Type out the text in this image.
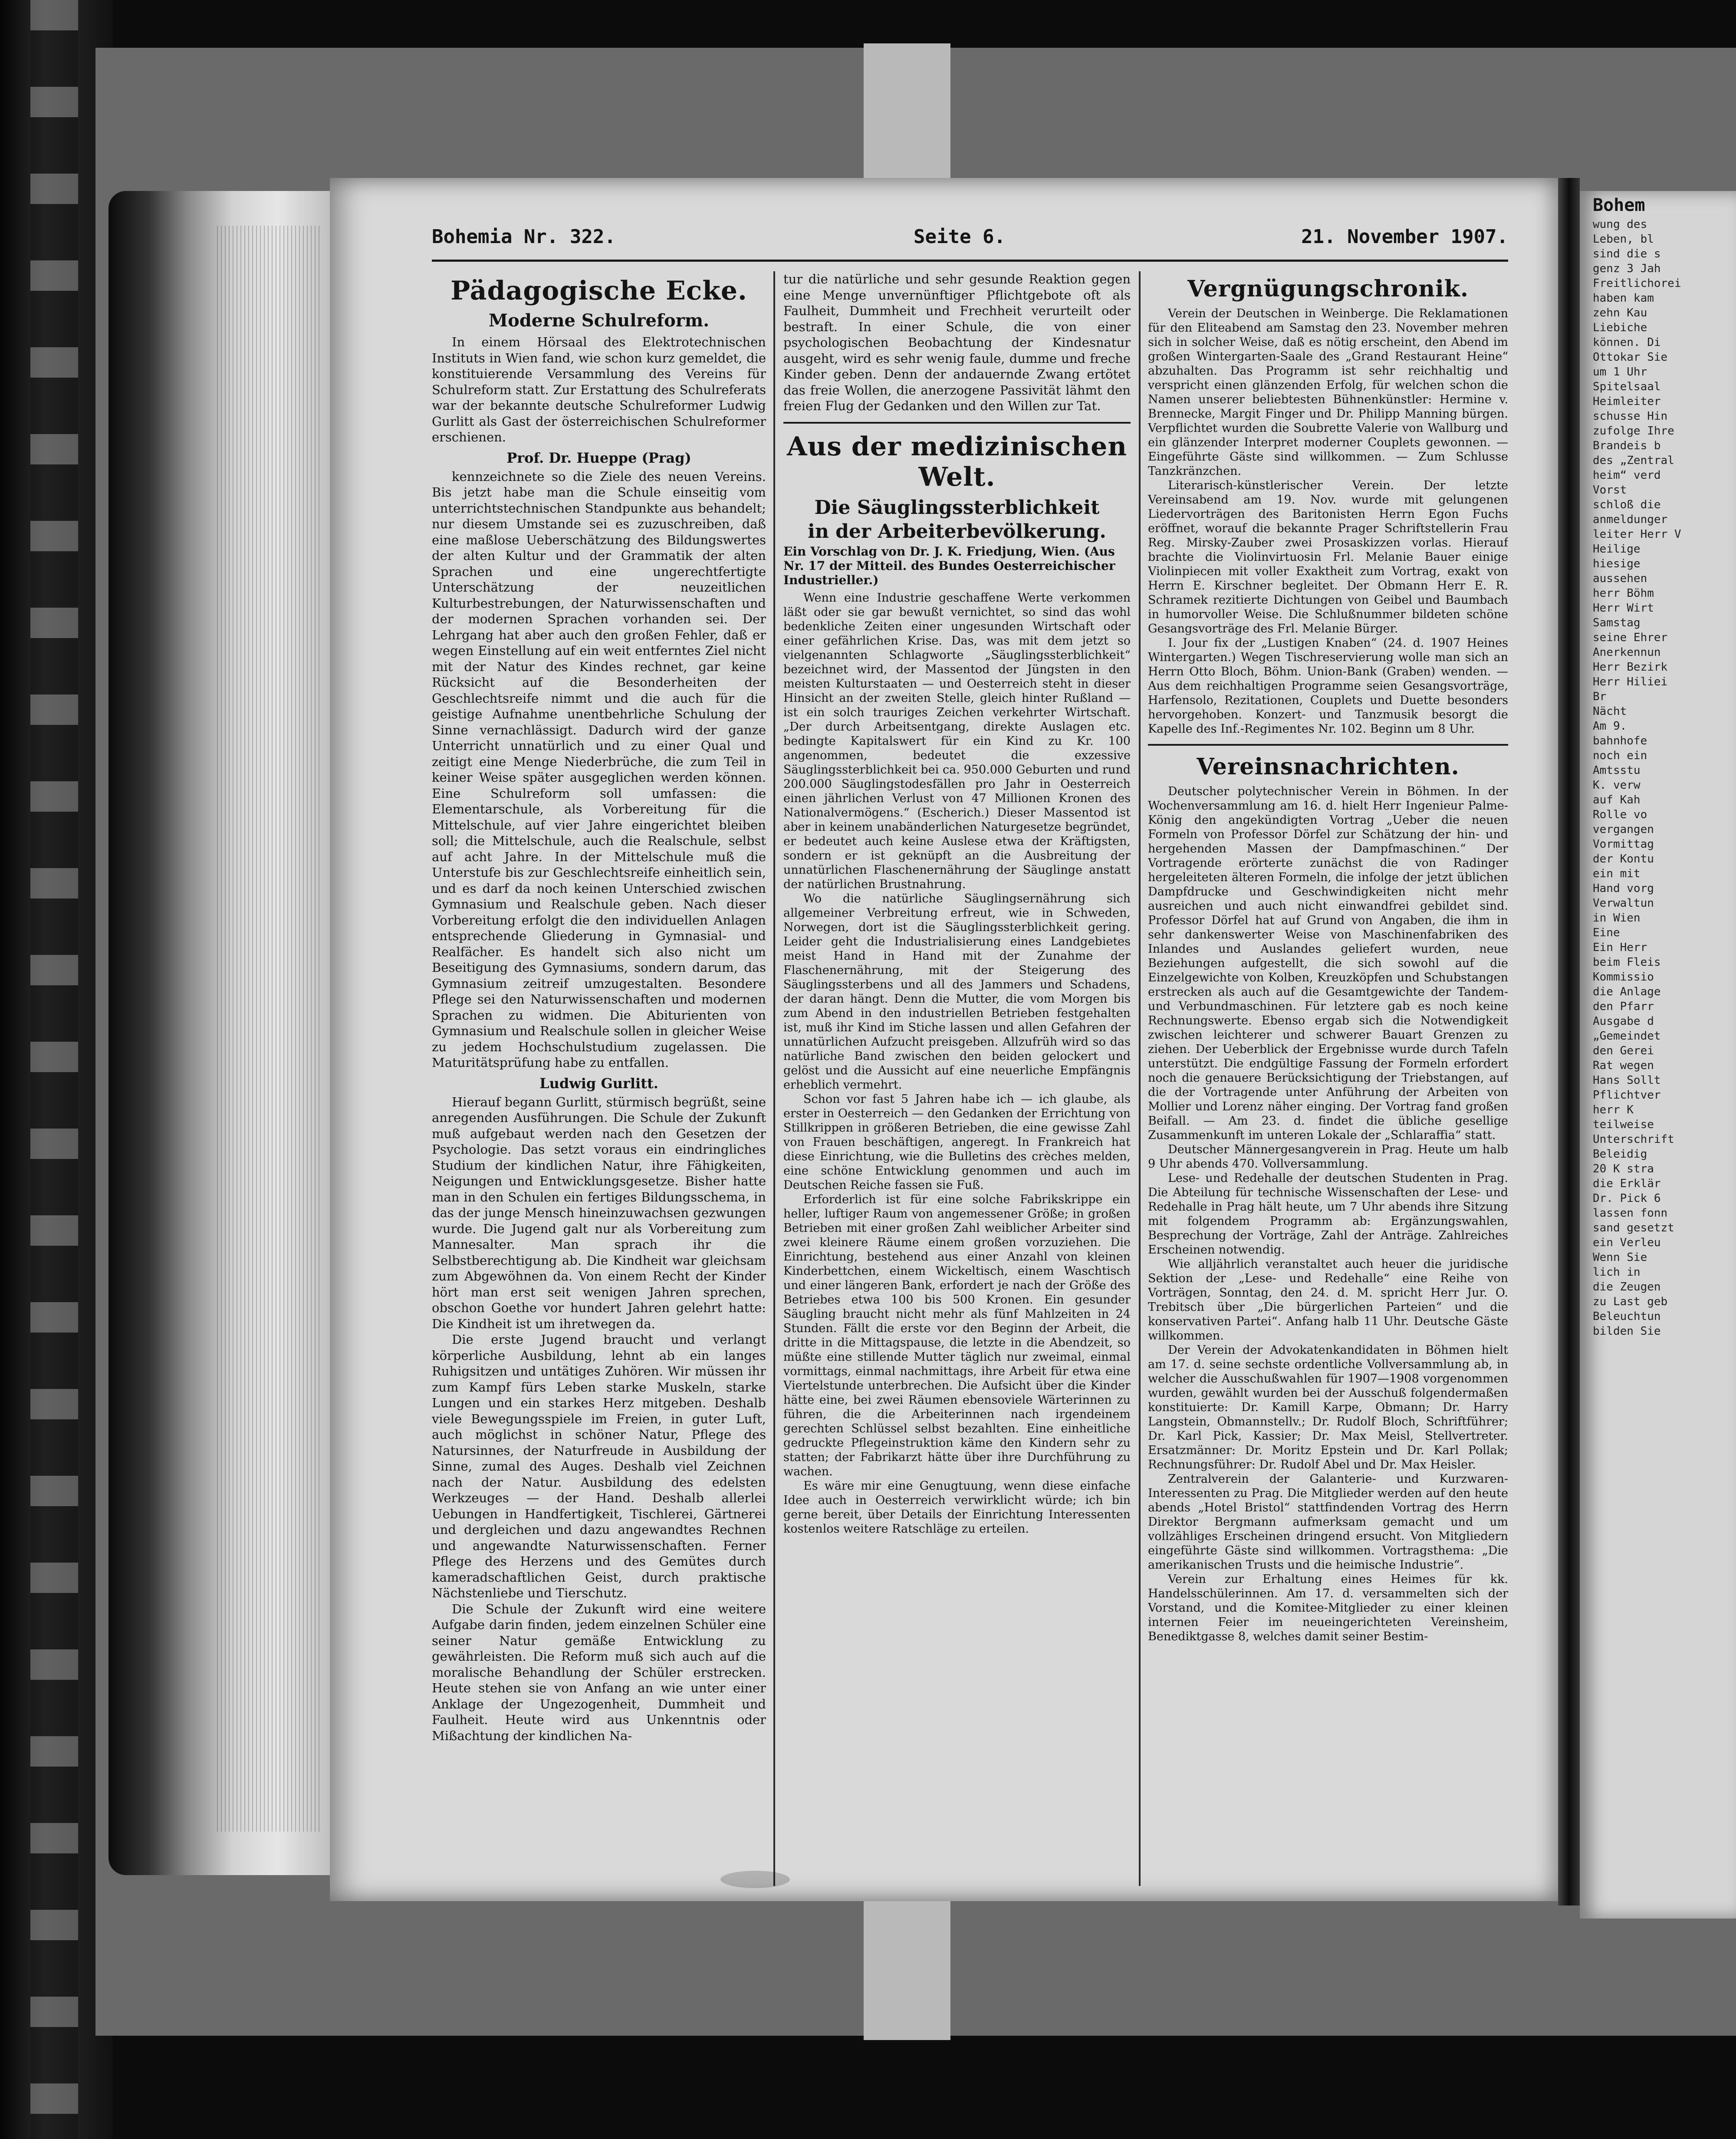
Bohemia Nr. 322.	Seite 6.	21. November 1907.
Pädagogische Ecke.
Moderne Schulreform.

In einem Hörsaal des Elektrotechnischen Instituts in Wien fand, wie schon kurz gemeldet, die konstituierende Versammlung des Vereins für Schulreform statt. Zur Erstattung des Schulreferats war der bekannte deutsche Schulreformer Ludwig Gurlitt als Gast der österreichischen Schulreformer erschienen.

Prof. Dr. Hueppe (Prag)

kennzeichnete so die Ziele des neuen Vereins. Bis jetzt habe man die Schule einseitig vom unterrichtstechnischen Standpunkte aus behandelt; nur diesem Umstande sei es zuzuschreiben, daß eine maßlose Ueberschätzung des Bildungswertes der alten Kultur und der Grammatik der alten Sprachen und eine ungerechtfertigte Unterschätzung der neuzeitlichen Kulturbestrebungen, der Naturwissenschaften und der modernen Sprachen vorhanden sei. Der Lehrgang hat aber auch den großen Fehler, daß er wegen Einstellung auf ein weit entferntes Ziel nicht mit der Natur des Kindes rechnet, gar keine Rücksicht auf die Besonderheiten der Geschlechtsreife nimmt und die auch für die geistige Aufnahme unentbehrliche Schulung der Sinne vernachlässigt. Dadurch wird der ganze Unterricht unnatürlich und zu einer Qual und zeitigt eine Menge Niederbrüche, die zum Teil in keiner Weise später ausgeglichen werden können. Eine Schulreform soll umfassen: die Elementarschule, als Vorbereitung für die Mittelschule, auf vier Jahre eingerichtet bleiben soll; die Mittelschule, auch die Realschule, selbst auf acht Jahre. In der Mittelschule muß die Unterstufe bis zur Geschlechtsreife einheitlich sein, und es darf da noch keinen Unterschied zwischen Gymnasium und Realschule geben. Nach dieser Vorbereitung erfolgt die den individuellen Anlagen entsprechende Gliederung in Gymnasial- und Realfächer. Es handelt sich also nicht um Beseitigung des Gymnasiums, sondern darum, das Gymnasium zeitreif umzugestalten. Besondere Pflege sei den Naturwissenschaften und modernen Sprachen zu widmen. Die Abiturienten von Gymnasium und Realschule sollen in gleicher Weise zu jedem Hochschulstudium zugelassen. Die Maturitätsprüfung habe zu entfallen.

Ludwig Gurlitt.

Hierauf begann Gurlitt, stürmisch begrüßt, seine anregenden Ausführungen. Die Schule der Zukunft muß aufgebaut werden nach den Gesetzen der Psychologie. Das setzt voraus ein eindringliches Studium der kindlichen Natur, ihre Fähigkeiten, Neigungen und Entwicklungsgesetze. Bisher hatte man in den Schulen ein fertiges Bildungsschema, in das der junge Mensch hineinzuwachsen gezwungen wurde. Die Jugend galt nur als Vorbereitung zum Mannesalter. Man sprach ihr die Selbstberechtigung ab. Die Kindheit war gleichsam zum Abgewöhnen da. Von einem Recht der Kinder hört man erst seit wenigen Jahren sprechen, obschon Goethe vor hundert Jahren gelehrt hatte: Die Kindheit ist um ihretwegen da.

Die erste Jugend braucht und verlangt körperliche Ausbildung, lehnt ab ein langes Ruhigsitzen und untätiges Zuhören. Wir müssen ihr zum Kampf fürs Leben starke Muskeln, starke Lungen und ein starkes Herz mitgeben. Deshalb viele Bewegungsspiele im Freien, in guter Luft, auch möglichst in schöner Natur, Pflege des Natursinnes, der Naturfreude in Ausbildung der Sinne, zumal des Auges. Deshalb viel Zeichnen nach der Natur. Ausbildung des edelsten Werkzeuges — der Hand. Deshalb allerlei Uebungen in Handfertigkeit, Tischlerei, Gärtnerei und dergleichen und dazu angewandtes Rechnen und angewandte Naturwissenschaften. Ferner Pflege des Herzens und des Gemütes durch kameradschaftlichen Geist, durch praktische Nächstenliebe und Tierschutz.

Die Schule der Zukunft wird eine weitere Aufgabe darin finden, jedem einzelnen Schüler eine seiner Natur gemäße Entwicklung zu gewährleisten. Die Reform muß sich auch auf die moralische Behandlung der Schüler erstrecken. Heute stehen sie von Anfang an wie unter einer Anklage der Ungezogenheit, Dummheit und Faulheit. Heute wird aus Unkenntnis oder Mißachtung der kindlichen Na-

tur die natürliche und sehr gesunde Reaktion gegen eine Menge unvernünftiger Pflichtgebote oft als Faulheit, Dummheit und Frechheit verurteilt oder bestraft. In einer Schule, die von einer psychologischen Beobachtung der Kindesnatur ausgeht, wird es sehr wenig faule, dumme und freche Kinder geben. Denn der andauernde Zwang ertötet das freie Wollen, die anerzogene Passivität lähmt den freien Flug der Gedanken und den Willen zur Tat.

Aus der medizinischen Welt.
Die Säuglingssterblichkeit
in der Arbeiterbevölkerung.
Ein Vorschlag von Dr. J. K. Friedjung, Wien. (Aus Nr. 17 der Mitteil. des Bundes Oesterreichischer Industrieller.)

Wenn eine Industrie geschaffene Werte verkommen läßt oder sie gar bewußt vernichtet, so sind das wohl bedenkliche Zeiten einer ungesunden Wirtschaft oder einer gefährlichen Krise. Das, was mit dem jetzt so vielgenannten Schlagworte „Säuglingssterblichkeit“ bezeichnet wird, der Massentod der Jüngsten in den meisten Kulturstaaten — und Oesterreich steht in dieser Hinsicht an der zweiten Stelle, gleich hinter Rußland — ist ein solch trauriges Zeichen verkehrter Wirtschaft. „Der durch Arbeitsentgang, direkte Auslagen etc. bedingte Kapitalswert für ein Kind zu Kr. 100 angenommen, bedeutet die exzessive Säuglingssterblichkeit bei ca. 950.000 Geburten und rund 200.000 Säuglingstodesfällen pro Jahr in Oesterreich einen jährlichen Verlust von 47 Millionen Kronen des Nationalvermögens.“ (Escherich.) Dieser Massentod ist aber in keinem unabänderlichen Naturgesetze begründet, er bedeutet auch keine Auslese etwa der Kräftigsten, sondern er ist geknüpft an die Ausbreitung der unnatürlichen Flaschenernährung der Säuglinge anstatt der natürlichen Brustnahrung.

Wo die natürliche Säuglingsernährung sich allgemeiner Verbreitung erfreut, wie in Schweden, Norwegen, dort ist die Säuglingssterblichkeit gering. Leider geht die Industrialisierung eines Landgebietes meist Hand in Hand mit der Zunahme der Flaschenernährung, mit der Steigerung des Säuglingssterbens und all des Jammers und Schadens, der daran hängt. Denn die Mutter, die vom Morgen bis zum Abend in den industriellen Betrieben festgehalten ist, muß ihr Kind im Stiche lassen und allen Gefahren der unnatürlichen Aufzucht preisgeben. Allzufrüh wird so das natürliche Band zwischen den beiden gelockert und gelöst und die Aussicht auf eine neuerliche Empfängnis erheblich vermehrt.

Schon vor fast 5 Jahren habe ich — ich glaube, als erster in Oesterreich — den Gedanken der Errichtung von Stillkrippen in größeren Betrieben, die eine gewisse Zahl von Frauen beschäftigen, angeregt. In Frankreich hat diese Einrichtung, wie die Bulletins des crèches melden, eine schöne Entwicklung genommen und auch im Deutschen Reiche fassen sie Fuß.

Erforderlich ist für eine solche Fabrikskrippe ein heller, luftiger Raum von angemessener Größe; in großen Betrieben mit einer großen Zahl weiblicher Arbeiter sind zwei kleinere Räume einem großen vorzuziehen. Die Einrichtung, bestehend aus einer Anzahl von kleinen Kinderbettchen, einem Wickeltisch, einem Waschtisch und einer längeren Bank, erfordert je nach der Größe des Betriebes etwa 100 bis 500 Kronen. Ein gesunder Säugling braucht nicht mehr als fünf Mahlzeiten in 24 Stunden. Fällt die erste vor den Beginn der Arbeit, die dritte in die Mittagspause, die letzte in die Abendzeit, so müßte eine stillende Mutter täglich nur zweimal, einmal vormittags, einmal nachmittags, ihre Arbeit für etwa eine Viertelstunde unterbrechen. Die Aufsicht über die Kinder hätte eine, bei zwei Räumen ebensoviele Wärterinnen zu führen, die die Arbeiterinnen nach irgendeinem gerechten Schlüssel selbst bezahlten. Eine einheitliche gedruckte Pflegeinstruktion käme den Kindern sehr zu statten; der Fabrikarzt hätte über ihre Durchführung zu wachen.

Es wäre mir eine Genugtuung, wenn diese einfache Idee auch in Oesterreich verwirklicht würde; ich bin gerne bereit, über Details der Einrichtung Interessenten kostenlos weitere Ratschläge zu erteilen.

Vergnügungschronik.

Verein der Deutschen in Weinberge. Die Reklamationen für den Eliteabend am Samstag den 23. November mehren sich in solcher Weise, daß es nötig erscheint, den Abend im großen Wintergarten-Saale des „Grand Restaurant Heine“ abzuhalten. Das Programm ist sehr reichhaltig und verspricht einen glänzenden Erfolg, für welchen schon die Namen unserer beliebtesten Bühnenkünstler: Hermine v. Brennecke, Margit Finger und Dr. Philipp Manning bürgen. Verpflichtet wurden die Soubrette Valerie von Wallburg und ein glänzender Interpret moderner Couplets gewonnen. — Eingeführte Gäste sind willkommen. — Zum Schlusse Tanzkränzchen.

Literarisch-künstlerischer Verein. Der letzte Vereinsabend am 19. Nov. wurde mit gelungenen Liedervorträgen des Baritonisten Herrn Egon Fuchs eröffnet, worauf die bekannte Prager Schriftstellerin Frau Reg. Mirsky-Zauber zwei Prosaskizzen vorlas. Hierauf brachte die Violinvirtuosin Frl. Melanie Bauer einige Violinpiecen mit voller Exaktheit zum Vortrag, exakt von Herrn E. Kirschner begleitet. Der Obmann Herr E. R. Schramek rezitierte Dichtungen von Geibel und Baumbach in humorvoller Weise. Die Schlußnummer bildeten schöne Gesangsvorträge des Frl. Melanie Bürger.

I. Jour fix der „Lustigen Knaben“ (24. d. 1907 Heines Wintergarten.) Wegen Tischreservierung wolle man sich an Herrn Otto Bloch, Böhm. Union-Bank (Graben) wenden. — Aus dem reichhaltigen Programme seien Gesangsvorträge, Harfensolo, Rezitationen, Couplets und Duette besonders hervorgehoben. Konzert- und Tanzmusik besorgt die Kapelle des Inf.-Regimentes Nr. 102. Beginn um 8 Uhr.

Vereinsnachrichten.

Deutscher polytechnischer Verein in Böhmen. In der Wochenversammlung am 16. d. hielt Herr Ingenieur Palme-König den angekündigten Vortrag „Ueber die neuen Formeln von Professor Dörfel zur Schätzung der hin- und hergehenden Massen der Dampfmaschinen.“ Der Vortragende erörterte zunächst die von Radinger hergeleiteten älteren Formeln, die infolge der jetzt üblichen Dampfdrucke und Geschwindigkeiten nicht mehr ausreichen und auch nicht einwandfrei gebildet sind. Professor Dörfel hat auf Grund von Angaben, die ihm in sehr dankenswerter Weise von Maschinenfabriken des Inlandes und Auslandes geliefert wurden, neue Beziehungen aufgestellt, die sich sowohl auf die Einzelgewichte von Kolben, Kreuzköpfen und Schubstangen erstrecken als auch auf die Gesamtgewichte der Tandem- und Verbundmaschinen. Für letztere gab es noch keine Rechnungswerte. Ebenso ergab sich die Notwendigkeit zwischen leichterer und schwerer Bauart Grenzen zu ziehen. Der Ueberblick der Ergebnisse wurde durch Tafeln unterstützt. Die endgültige Fassung der Formeln erfordert noch die genauere Berücksichtigung der Triebstangen, auf die der Vortragende unter Anführung der Arbeiten von Mollier und Lorenz näher einging. Der Vortrag fand großen Beifall. — Am 23. d. findet die übliche gesellige Zusammenkunft im unteren Lokale der „Schlaraffia“ statt.

Deutscher Männergesangverein in Prag. Heute um halb 9 Uhr abends 470. Vollversammlung.

Lese- und Redehalle der deutschen Studenten in Prag. Die Abteilung für technische Wissenschaften der Lese- und Redehalle in Prag hält heute, um 7 Uhr abends ihre Sitzung mit folgendem Programm ab: Ergänzungswahlen, Besprechung der Vorträge, Zahl der Anträge. Zahlreiches Erscheinen notwendig.

Wie alljährlich veranstaltet auch heuer die juridische Sektion der „Lese- und Redehalle“ eine Reihe von Vorträgen, Sonntag, den 24. d. M. spricht Herr Jur. O. Trebitsch über „Die bürgerlichen Parteien“ und die konservativen Partei“. Anfang halb 11 Uhr. Deutsche Gäste willkommen.

Der Verein der Advokatenkandidaten in Böhmen hielt am 17. d. seine sechste ordentliche Vollversammlung ab, in welcher die Ausschußwahlen für 1907—1908 vorgenommen wurden, gewählt wurden bei der Ausschuß folgendermaßen konstituierte: Dr. Kamill Karpe, Obmann; Dr. Harry Langstein, Obmannstellv.; Dr. Rudolf Bloch, Schriftführer; Dr. Karl Pick, Kassier; Dr. Max Meisl, Stellvertreter. Ersatzmänner: Dr. Moritz Epstein und Dr. Karl Pollak; Rechnungsführer: Dr. Rudolf Abel und Dr. Max Heisler.

Zentralverein der Galanterie- und Kurzwaren-Interessenten zu Prag. Die Mitglieder werden auf den heute abends „Hotel Bristol“ stattfindenden Vortrag des Herrn Direktor Bergmann aufmerksam gemacht und um vollzähliges Erscheinen dringend ersucht. Von Mitgliedern eingeführte Gäste sind willkommen. Vortragsthema: „Die amerikanischen Trusts und die heimische Industrie“.

Verein zur Erhaltung eines Heimes für kk. Handelsschülerinnen. Am 17. d. versammelten sich der Vorstand, und die Komitee-Mitglieder zu einer kleinen internen Feier im neueingerichteten Vereinsheim, Benediktgasse 8, welches damit seiner Bestim-

Bohem
wung des
Leben, bl
sind die s
genz 3 Jah
Freitlichorei
haben kam
zehn Kau
Liebiche
können. Di
Ottokar Sie
um 1 Uhr
Spitelsaal
Heimleiter
schusse Hin
zufolge Ihre
Brandeis b
des „Zentral
heim“ verd
Vorst
schloß die
anmeldunger
leiter Herr V
Heilige
hiesige
aussehen
herr Böhm
Herr Wirt
Samstag
seine Ehrer
Anerkennun
Herr Bezirk
Herr Hiliei
Br
Nächt
Am 9.
bahnhofe
noch ein
Amtsstu
K. verw
auf Kah
Rolle vo
vergangen
Vormittag
der Kontu
ein mit
Hand vorg
Verwaltun
in Wien
Eine
Ein Herr
beim Fleis
Kommissio
die Anlage
den Pfarr
Ausgabe d
„Gemeindet
den Gerei
Rat wegen
Hans Sollt
Pflichtver
herr K
teilweise
Unterschrift
Beleidig
20 K stra
die Erklär
Dr. Pick 6
lassen fonn
sand gesetzt
ein Verleu
Wenn Sie
lich in
die Zeugen
zu Last geb
Beleuchtun
bilden Sie
